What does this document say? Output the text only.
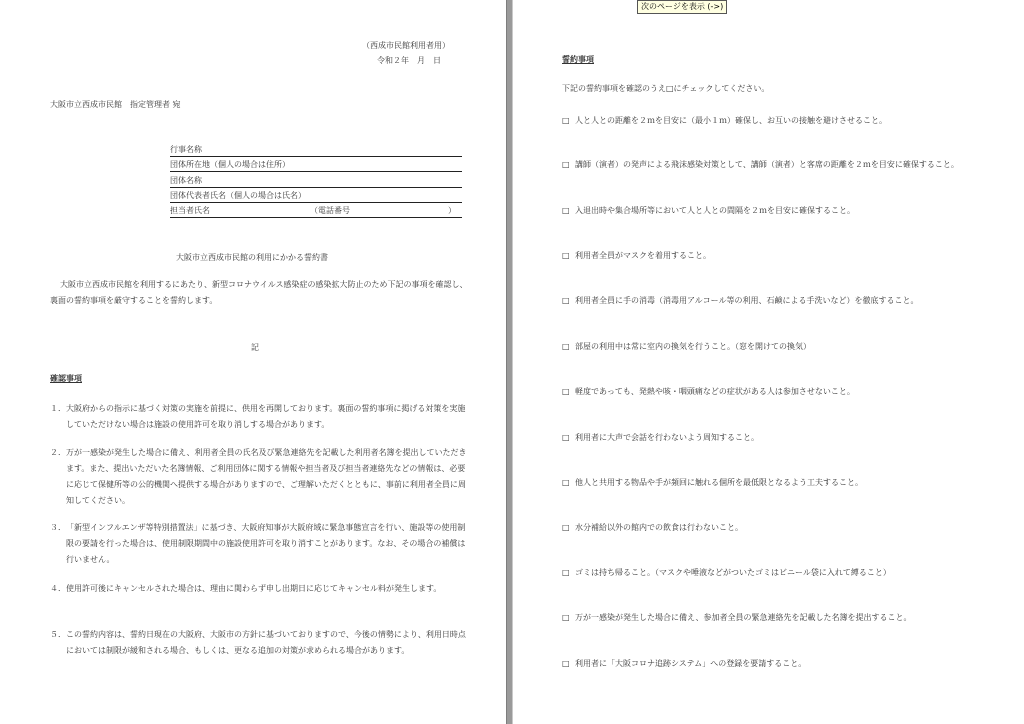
（西成市民館利用者用）
令和２年　月　日
大阪市立西成市民館　指定管理者 宛
行事名称
団体所在地（個人の場合は住所）
団体名称
団体代表者氏名（個人の場合は氏名）
担当者氏名	（電話番号	）
大阪市立西成市民館の利用にかかる誓約書
大阪市立西成市民館を利用するにあたり、新型コロナウイルス感染症の感染拡大防止のため下記の事項を確認し、裏面の誓約事項を厳守することを誓約します。
記
確認事項
１． 大阪府からの指示に基づく対策の実施を前提に、供用を再開しております。裏面の誓約事項に掲げる対策を実施していただけない場合は施設の使用許可を取り消しする場合があります。
２． 万が一感染が発生した場合に備え、利用者全員の氏名及び緊急連絡先を記載した利用者名簿を提出していただきます。また、提出いただいた名簿情報、ご利用団体に関する情報や担当者及び担当者連絡先などの情報は、必要に応じて保健所等の公的機関へ提供する場合がありますので、ご理解いただくとともに、事前に利用者全員に周知してください。
３． 「新型インフルエンザ等特別措置法」に基づき、大阪府知事が大阪府域に緊急事態宣言を行い、施設等の使用制限の要請を行った場合は、使用制限期間中の施設使用許可を取り消すことがあります。なお、その場合の補償は行いません。
４． 使用許可後にキャンセルされた場合は、理由に関わらず申し出期日に応じてキャンセル料が発生します。
５． この誓約内容は、誓約日現在の大阪府、大阪市の方針に基づいておりますので、今後の情勢により、利用日時点においては制限が緩和される場合、もしくは、更なる追加の対策が求められる場合があります。
誓約事項
下記の誓約事項を確認のうえ□にチェックしてください。
□ 人と人との距離を２ｍを目安に（最小１ｍ）確保し、お互いの接触を避けさせること。
□ 講師（演者）の発声による飛沫感染対策として、講師（演者）と客席の距離を２ｍを目安に確保すること。
□ 入退出時や集合場所等において人と人との間隔を２ｍを目安に確保すること。
□ 利用者全員がマスクを着用すること。
□ 利用者全員に手の消毒（消毒用アルコール等の利用、石鹸による手洗いなど）を徹底すること。
□ 部屋の利用中は常に室内の換気を行うこと。（窓を開けての換気）
□ 軽度であっても、発熱や咳・咽頭痛などの症状がある人は参加させないこと。
□ 利用者に大声で会話を行わないよう周知すること。
□ 他人と共用する物品や手が頻回に触れる個所を最低限となるよう工夫すること。
□ 水分補給以外の館内での飲食は行わないこと。
□ ゴミは持ち帰ること。（マスクや唾液などがついたゴミはビニール袋に入れて縛ること）
□ 万が一感染が発生した場合に備え、参加者全員の緊急連絡先を記載した名簿を提出すること。
□ 利用者に「大阪コロナ追跡システム」への登録を要請すること。
次のページを表示 (->)
